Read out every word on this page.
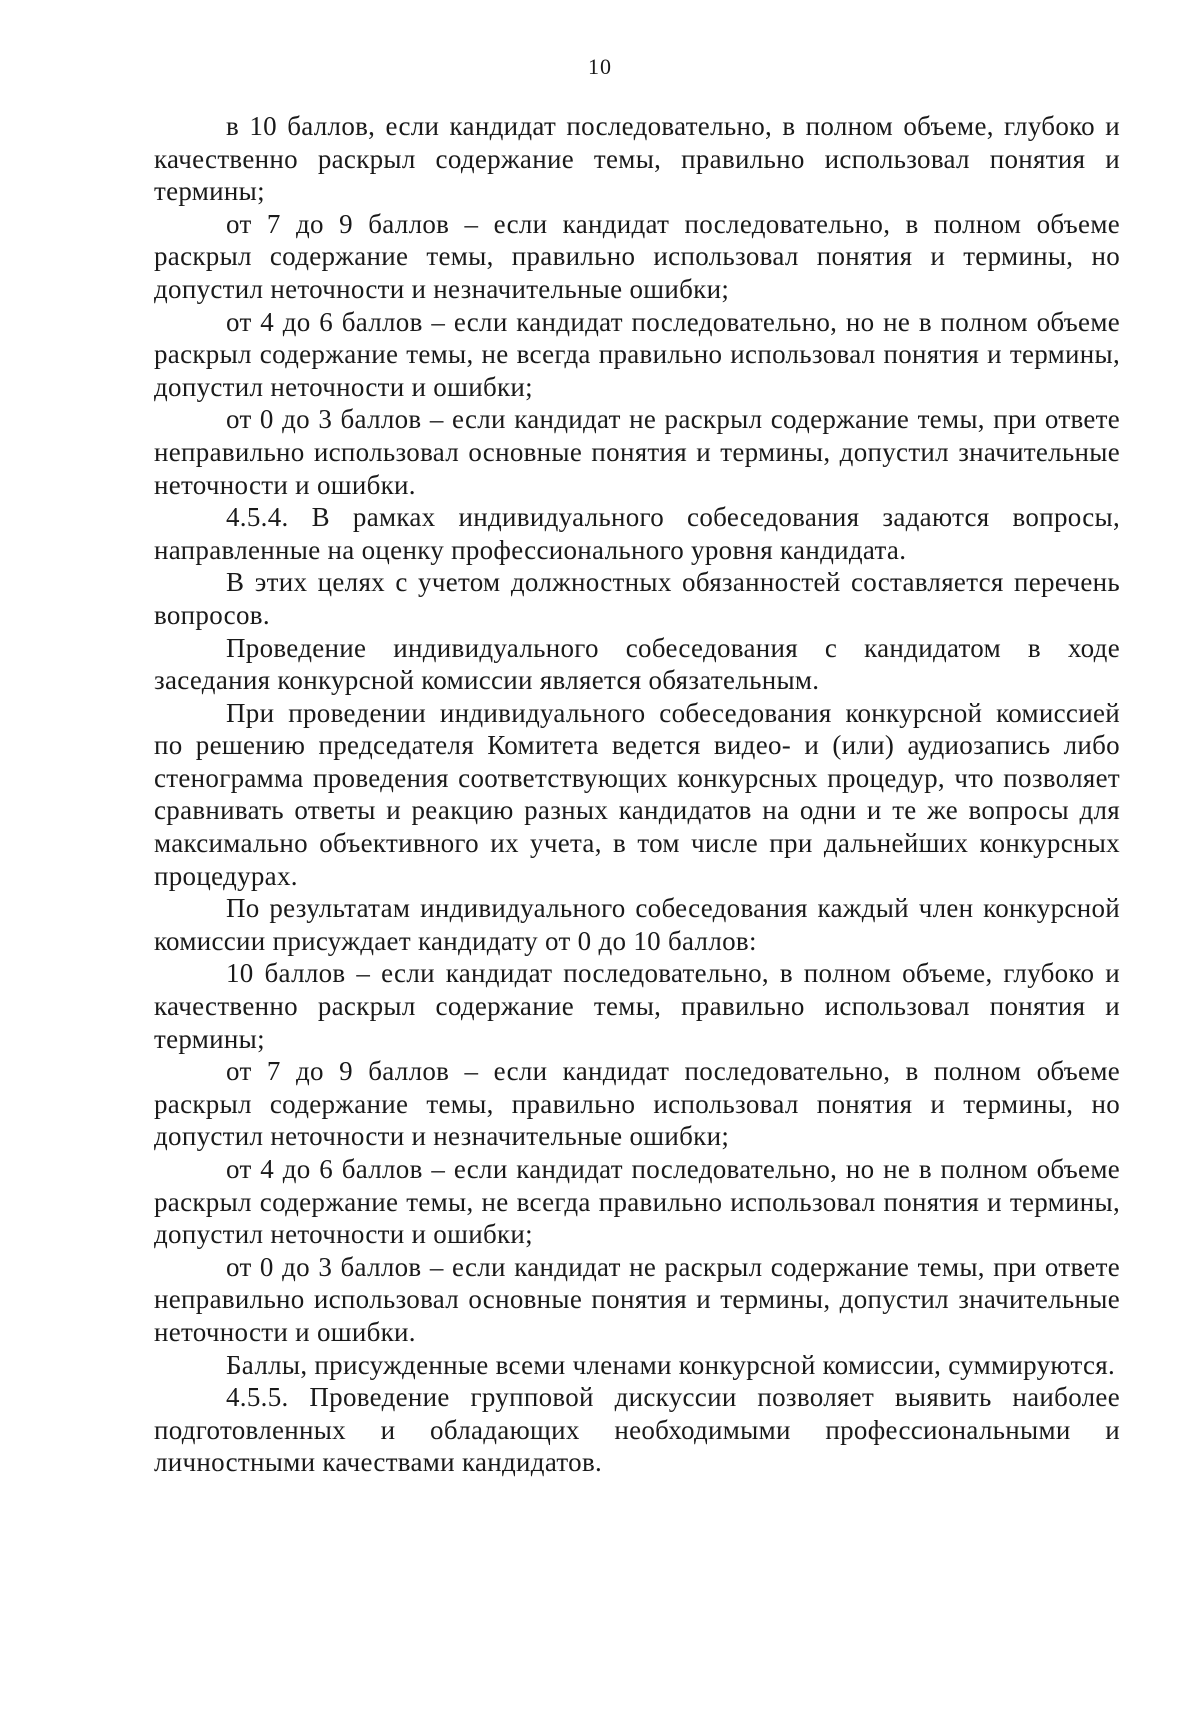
10

в 10 баллов, если кандидат последовательно, в полном объеме, глубоко и качественно раскрыл содержание темы, правильно использовал понятия и термины;

от 7 до 9 баллов – если кандидат последовательно, в полном объеме раскрыл содержание темы, правильно использовал понятия и термины, но допустил неточности и незначительные ошибки;

от 4 до 6 баллов – если кандидат последовательно, но не в полном объеме раскрыл содержание темы, не всегда правильно использовал понятия и термины, допустил неточности и ошибки;

от 0 до 3 баллов – если кандидат не раскрыл содержание темы, при ответе неправильно использовал основные понятия и термины, допустил значительные неточности и ошибки.

4.5.4. В рамках индивидуального собеседования задаются вопросы, направленные на оценку профессионального уровня кандидата.

В этих целях с учетом должностных обязанностей составляется перечень вопросов.

Проведение индивидуального собеседования с кандидатом в ходе заседания конкурсной комиссии является обязательным.

При проведении индивидуального собеседования конкурсной комиссией по решению председателя Комитета ведется видео- и (или) аудиозапись либо стенограмма проведения соответствующих конкурсных процедур, что позволяет сравнивать ответы и реакцию разных кандидатов на одни и те же вопросы для максимально объективного их учета, в том числе при дальнейших конкурсных процедурах.

По результатам индивидуального собеседования каждый член конкурсной комиссии присуждает кандидату от 0 до 10 баллов:

10 баллов – если кандидат последовательно, в полном объеме, глубоко и качественно раскрыл содержание темы, правильно использовал понятия и термины;

от 7 до 9 баллов – если кандидат последовательно, в полном объеме раскрыл содержание темы, правильно использовал понятия и термины, но допустил неточности и незначительные ошибки;

от 4 до 6 баллов – если кандидат последовательно, но не в полном объеме раскрыл содержание темы, не всегда правильно использовал понятия и термины, допустил неточности и ошибки;

от 0 до 3 баллов – если кандидат не раскрыл содержание темы, при ответе неправильно использовал основные понятия и термины, допустил значительные неточности и ошибки.

Баллы, присужденные всеми членами конкурсной комиссии, суммируются.

4.5.5. Проведение групповой дискуссии позволяет выявить наиболее подготовленных и обладающих необходимыми профессиональными и личностными качествами кандидатов.
